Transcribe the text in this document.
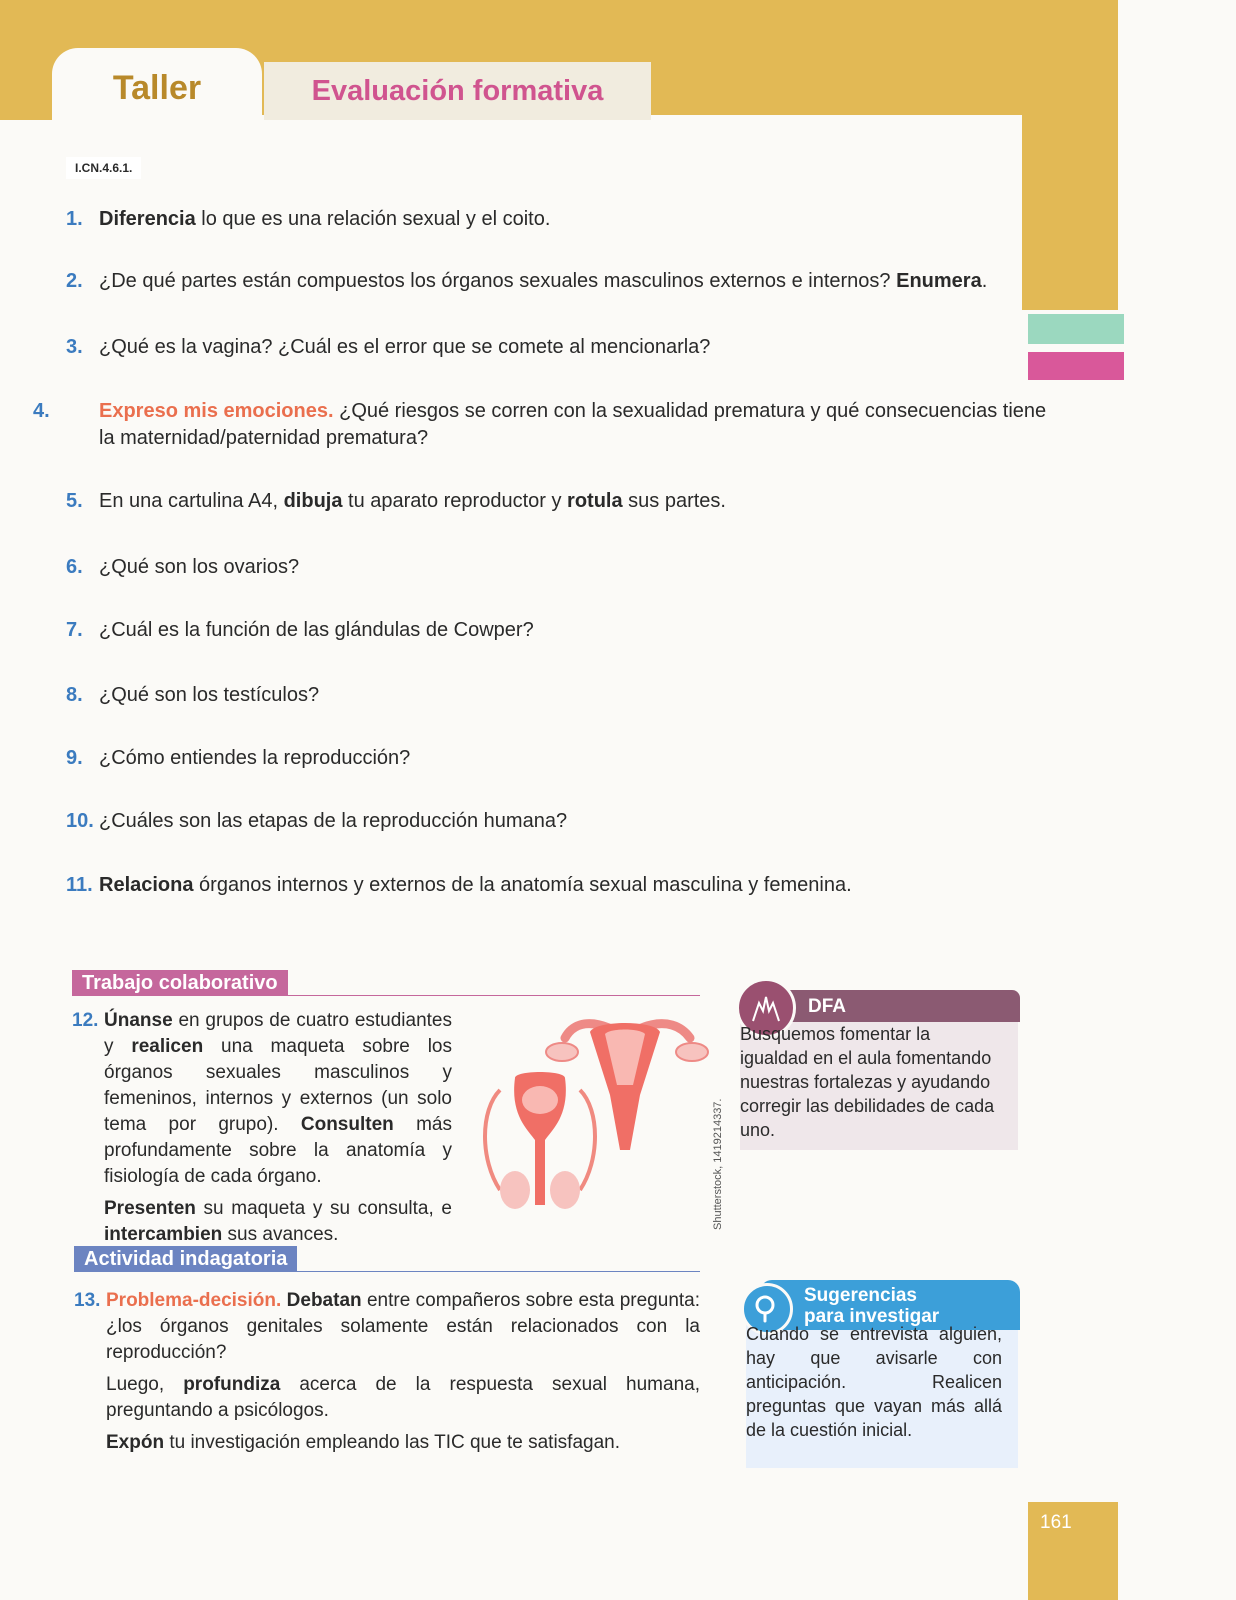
Taller	Evaluación formativa
I.CN.4.6.1.
1. Diferencia lo que es una relación sexual y el coito.
2. ¿De qué partes están compuestos los órganos sexuales masculinos externos e internos? Enumera.
3. ¿Qué es la vagina? ¿Cuál es el error que se comete al mencionarla?
4. Expreso mis emociones. ¿Qué riesgos se corren con la sexualidad prematura y qué consecuencias tiene la maternidad/paternidad prematura?
5. En una cartulina A4, dibuja tu aparato reproductor y rotula sus partes.
6. ¿Qué son los ovarios?
7. ¿Cuál es la función de las glándulas de Cowper?
8. ¿Qué son los testículos?
9. ¿Cómo entiendes la reproducción?
10. ¿Cuáles son las etapas de la reproducción humana?
11. Relaciona órganos internos y externos de la anatomía sexual masculina y femenina.
Trabajo colaborativo
12. Únanse en grupos de cuatro estudiantes y realicen una maqueta sobre los órganos sexuales masculinos y femeninos, internos y externos (un solo tema por grupo). Consulten más profundamente sobre la anatomía y fisiología de cada órgano.
Presenten su maqueta y su consulta, e intercambien sus avances.
Shutterstock, 1419214337.
Actividad indagatoria
13. Problema-decisión. Debatan entre compañeros sobre esta pregunta: ¿los órganos genitales solamente están relacionados con la reproducción?
Luego, profundiza acerca de la respuesta sexual humana, preguntando a psicólogos.
Expón tu investigación empleando las TIC que te satisfagan.
DFA
Busquemos fomentar la igualdad en el aula fomentando nuestras fortalezas y ayudando corregir las debilidades de cada uno.
Sugerencias
para investigar
Cuando se entrevista alguien, hay que avisarle con anticipación. Realicen preguntas que vayan más allá de la cuestión inicial.
161
